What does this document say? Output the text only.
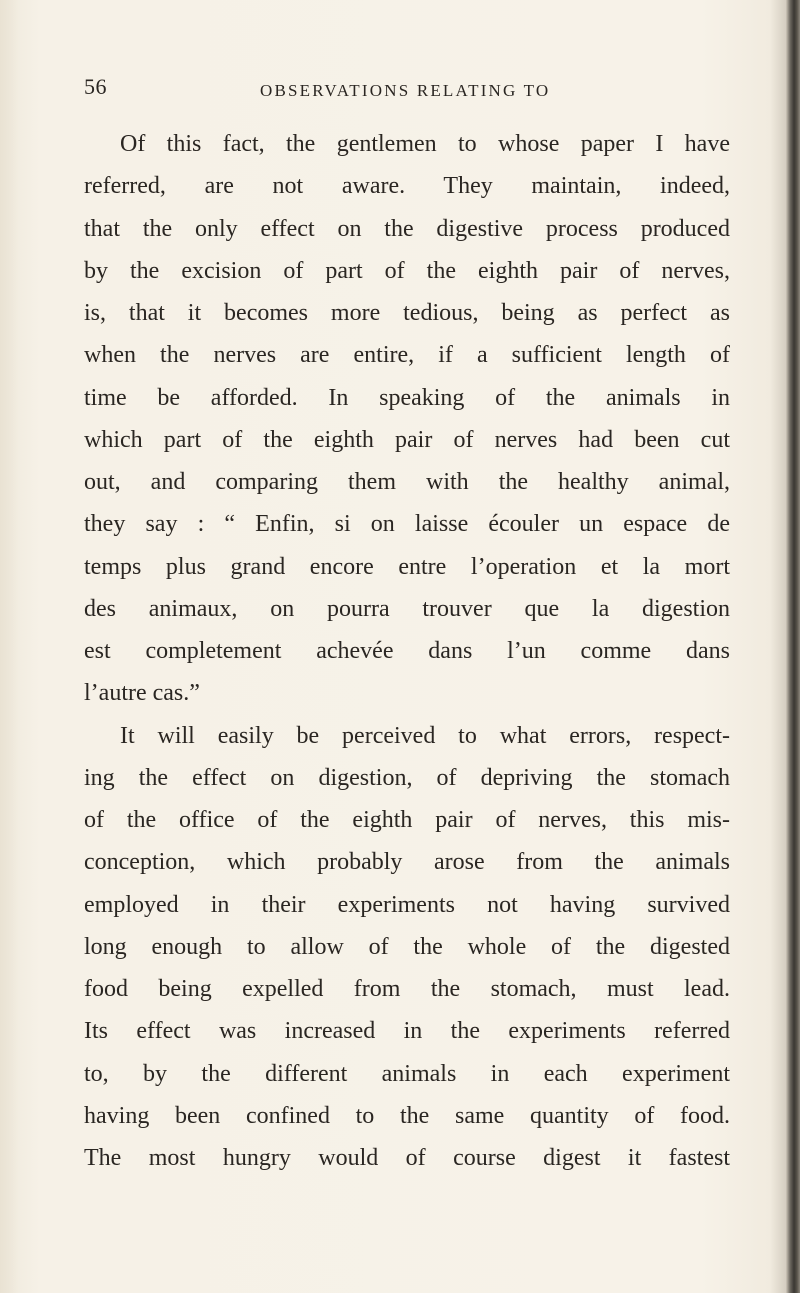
56	OBSERVATIONS RELATING TO
Of this fact, the gentlemen to whose paper I have
referred, are not aware. They maintain, indeed,
that the only effect on the digestive process produced
by the excision of part of the eighth pair of nerves,
is, that it becomes more tedious, being as perfect as
when the nerves are entire, if a sufficient length of
time be afforded. In speaking of the animals in
which part of the eighth pair of nerves had been cut
out, and comparing them with the healthy animal,
they say : “ Enfin, si on laisse écouler un espace de
temps plus grand encore entre l’operation et la mort
des animaux, on pourra trouver que la digestion
est completement achevée dans l’un comme dans
l’autre cas.”
It will easily be perceived to what errors, respect-
ing the effect on digestion, of depriving the stomach
of the office of the eighth pair of nerves, this mis-
conception, which probably arose from the animals
employed in their experiments not having survived
long enough to allow of the whole of the digested
food being expelled from the stomach, must lead.
Its effect was increased in the experiments referred
to, by the different animals in each experiment
having been confined to the same quantity of food.
The most hungry would of course digest it fastest
